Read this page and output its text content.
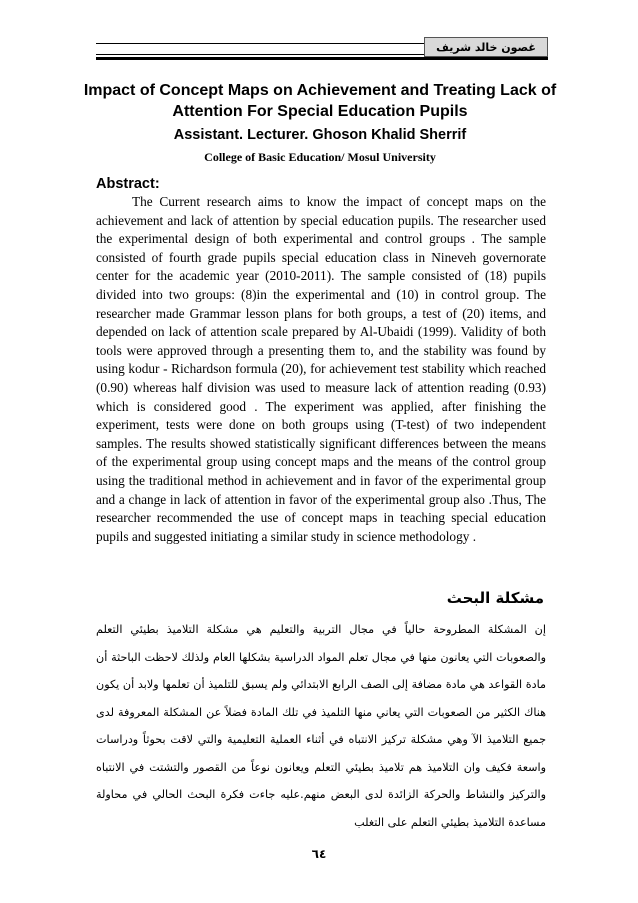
غصون خالد شريف
Impact of Concept Maps on Achievement and Treating Lack of Attention For Special Education Pupils
Assistant. Lecturer. Ghoson Khalid Sherrif
College of Basic Education/ Mosul University
Abstract:
The Current research aims to know the impact of concept maps on the achievement and lack of attention by special education pupils. The researcher used the experimental design of both experimental and control groups . The sample consisted of fourth grade pupils special education class in Nineveh governorate center for the academic year (2010-2011). The sample consisted of (18) pupils divided into two groups: (8)in the experimental and (10) in control group. The researcher made Grammar lesson plans for both groups, a test of (20) items, and depended on lack of attention scale prepared by Al-Ubaidi (1999). Validity of both tools were approved through a presenting them to, and the stability was found by using kodur - Richardson formula (20), for achievement test stability which reached (0.90) whereas half division was used to measure lack of attention reading (0.93) which is considered good . The experiment was applied, after finishing the experiment, tests were done on both groups using (T-test) of two independent samples. The results showed statistically significant differences between the means of the experimental group using concept maps and the means of the control group using the traditional method in achievement and in favor of the experimental group and a change in lack of attention in favor of the experimental group also .Thus, The researcher recommended the use of concept maps in teaching special education pupils and suggested initiating a similar study in science methodology .
مشكلة البحث
إن المشكلة المطروحة حالياً في مجال التربية والتعليم هي مشكلة التلاميذ بطيئي التعلم والصعوبات التي يعانون منها في مجال تعلم المواد الدراسية بشكلها العام ولذلك لاحظت الباحثة أن مادة القواعد هي مادة مضافة إلى الصف الرابع الابتدائي ولم يسبق للتلميذ أن تعلمها ولابد أن يكون هناك الكثير من الصعوبات التي يعاني منها التلميذ في تلك المادة فضلاً عن المشكلة المعروفة لدى جميع التلاميذ الآ وهي مشكلة تركيز الانتباه في أثناء العملية التعليمية والتي لاقت بحوثاً ودراسات واسعة فكيف وان التلاميذ هم تلاميذ بطيئي التعلم ويعانون نوعاً من القصور والتشتت في الانتباه والتركيز والنشاط والحركة الزائدة لدى البعض منهم.عليه جاءت فكرة البحث الحالي في محاولة مساعدة التلاميذ بطيئي التعلم على التغلب
٦٤
